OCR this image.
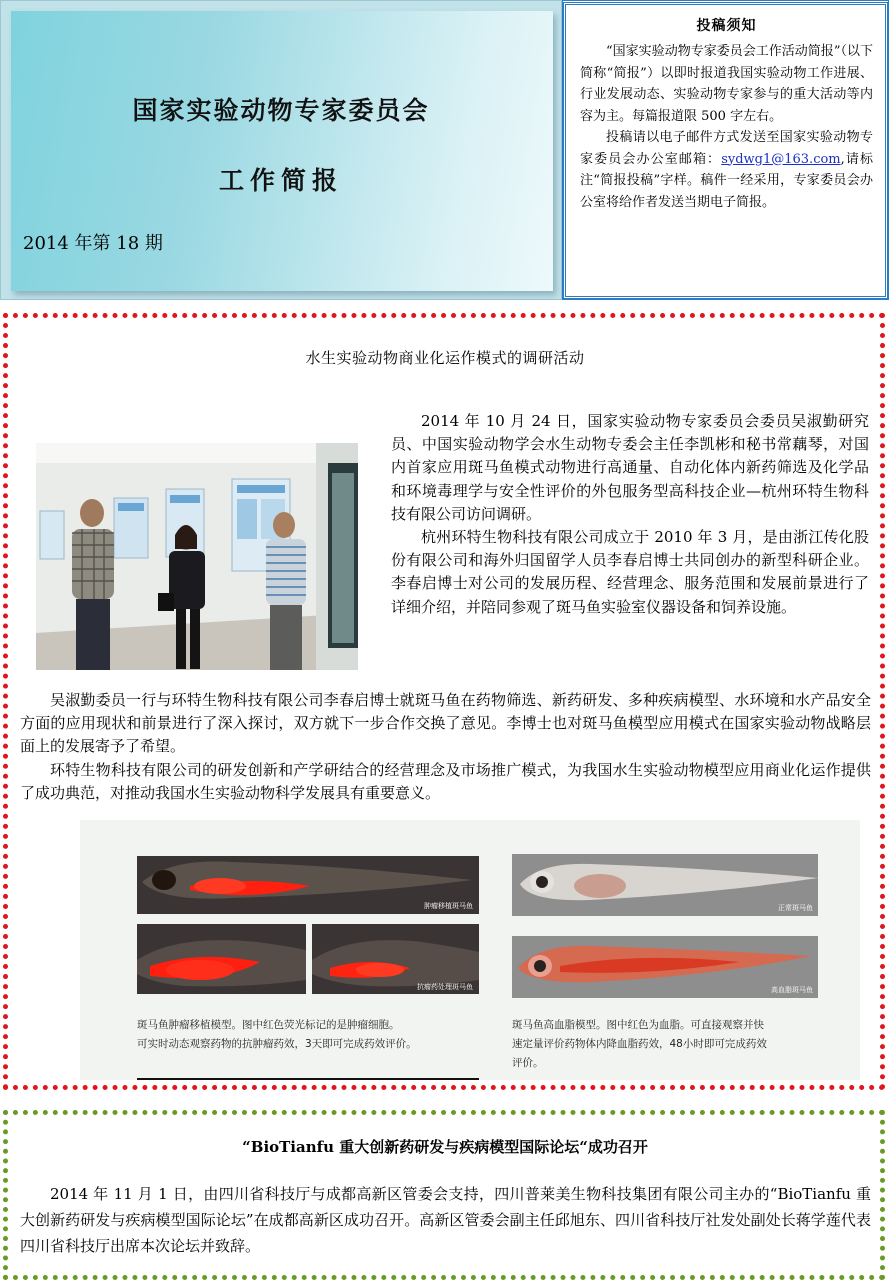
国家实验动物专家委员会
工作简报
2014 年第 18 期
投稿须知

“国家实验动物专家委员会工作活动简报”（以下简称“简报”）以即时报道我国实验动物工作进展、行业发展动态、实验动物专家参与的重大活动等内容为主。每篇报道限 500 字左右。

投稿请以电子邮件方式发送至国家实验动物专家委员会办公室邮箱：sydwg1@163.com,请标注“简报投稿”字样。稿件一经采用，专家委员会办公室将给作者发送当期电子简报。

水生实验动物商业化运作模式的调研活动

2014 年 10 月 24 日，国家实验动物专家委员会委员吴淑勤研究员、中国实验动物学会水生动物专委会主任李凯彬和秘书常藕琴，对国内首家应用斑马鱼模式动物进行高通量、自动化体内新药筛选及化学品和环境毒理学与安全性评价的外包服务型高科技企业—杭州环特生物科技有限公司访问调研。

杭州环特生物科技有限公司成立于 2010 年 3 月，是由浙江传化股份有限公司和海外归国留学人员李春启博士共同创办的新型科研企业。李春启博士对公司的发展历程、经营理念、服务范围和发展前景进行了详细介绍，并陪同参观了斑马鱼实验室仪器设备和饲养设施。

吴淑勤委员一行与环特生物科技有限公司李春启博士就斑马鱼在药物筛选、新药研发、多种疾病模型、水环境和水产品安全方面的应用现状和前景进行了深入探讨，双方就下一步合作交换了意见。李博士也对斑马鱼模型应用模式在国家实验动物战略层面上的发展寄予了希望。

环特生物科技有限公司的研发创新和产学研结合的经营理念及市场推广模式，为我国水生实验动物模型应用商业化运作提供了成功典范，对推动我国水生实验动物科学发展具有重要意义。

肿瘤移植斑马鱼
抗瘤药处理斑马鱼
正常斑马鱼
高血脂斑马鱼
斑马鱼肿瘤移植模型。图中红色荧光标记的是肿瘤细胞。
可实时动态观察药物的抗肿瘤药效，3天即可完成药效评价。
斑马鱼高血脂模型。图中红色为血脂。可直接观察并快
速定量评价药物体内降血脂药效，48小时即可完成药效
评价。
“BioTianfu 重大创新药研发与疾病模型国际论坛“成功召开

2014 年 11 月 1 日，由四川省科技厅与成都高新区管委会支持，四川普莱美生物科技集团有限公司主办的“BioTianfu 重大创新药研发与疾病模型国际论坛”在成都高新区成功召开。高新区管委会副主任邱旭东、四川省科技厅社发处副处长蒋学莲代表四川省科技厅出席本次论坛并致辞。
